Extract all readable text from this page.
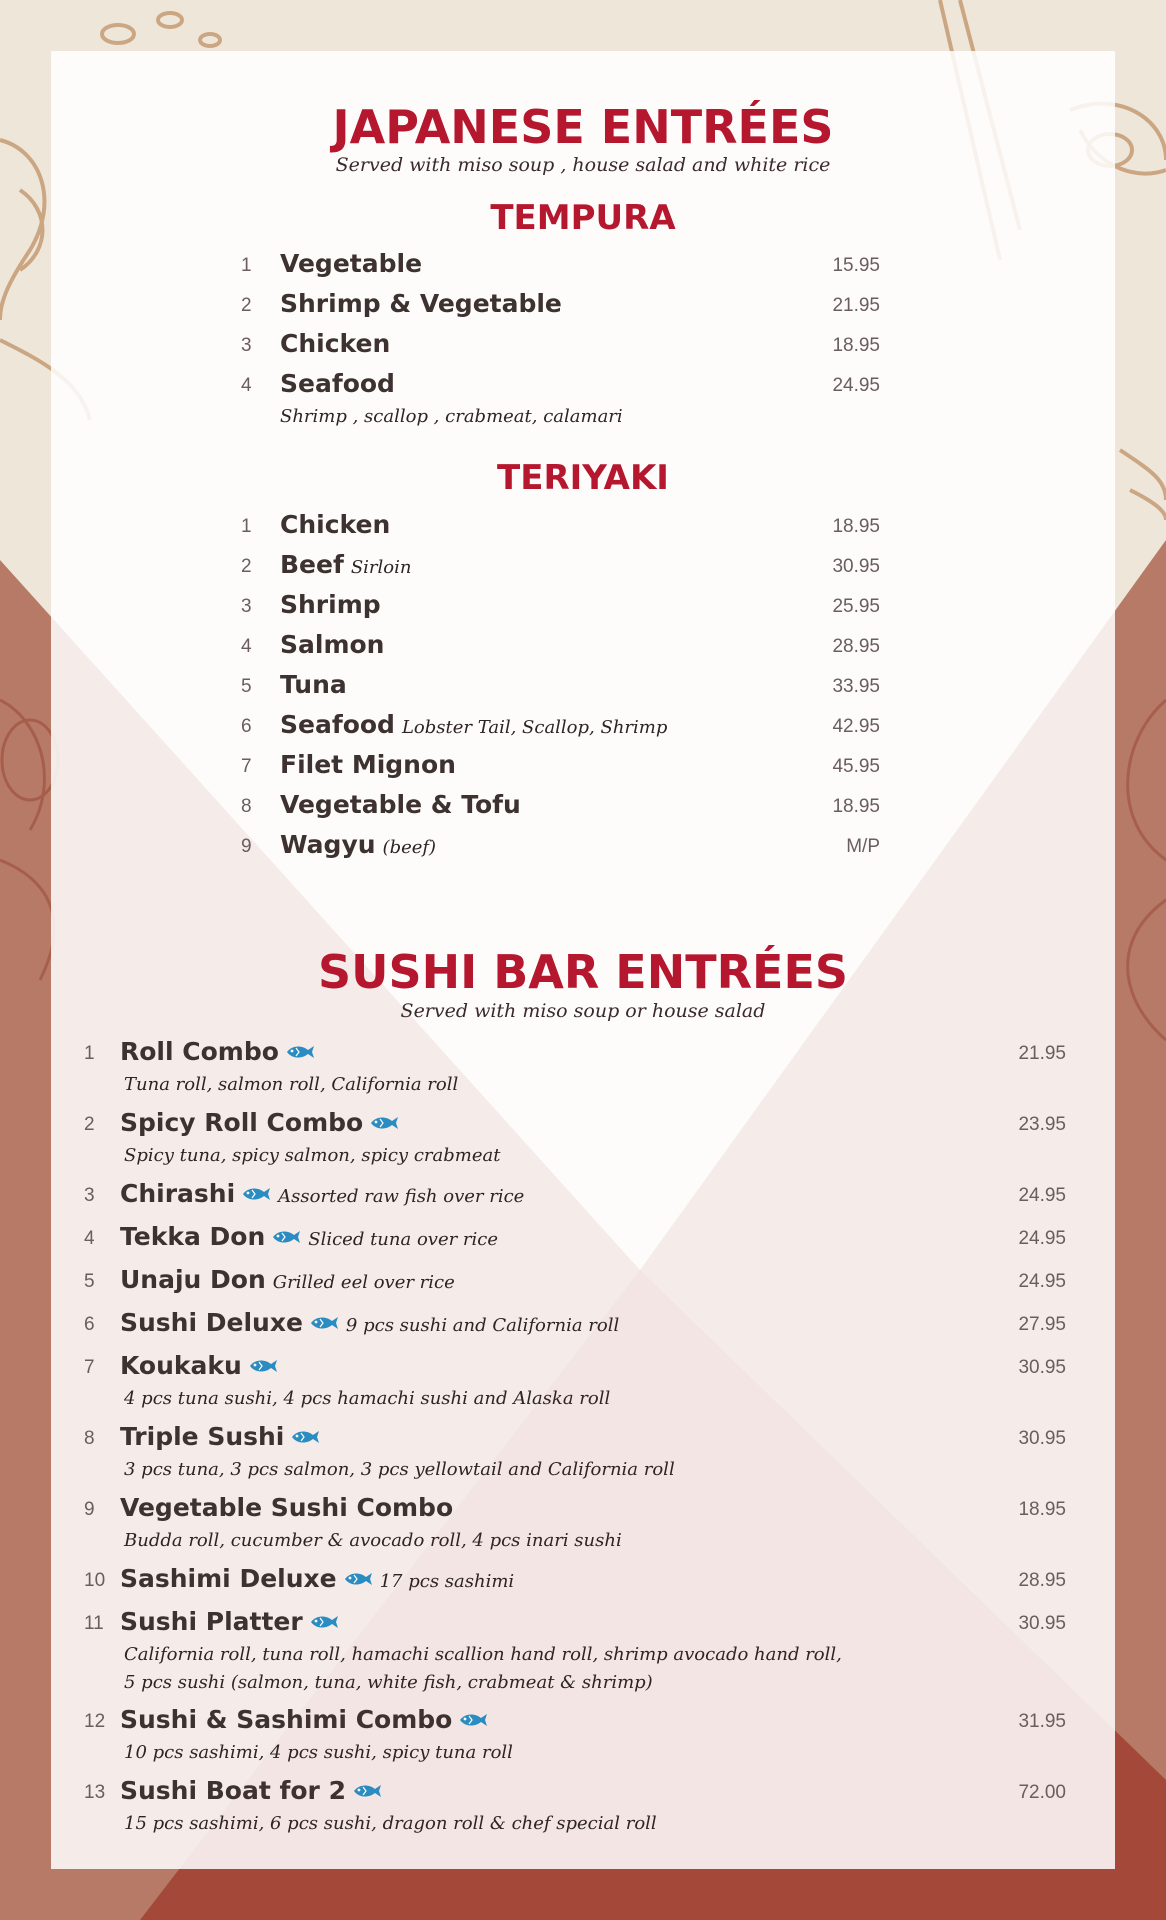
JAPANESE ENTRÉES
Served with miso soup , house salad and white rice
TEMPURA
1 Vegetable	15.95
2 Shrimp & Vegetable	21.95
3 Chicken	18.95
4 Seafood	24.95
Shrimp , scallop , crabmeat, calamari
TERIYAKI
1 Chicken	18.95
2 Beef Sirloin	30.95
3 Shrimp	25.95
4 Salmon	28.95
5 Tuna	33.95
6 Seafood Lobster Tail, Scallop, Shrimp	42.95
7 Filet Mignon	45.95
8 Vegetable & Tofu	18.95
9 Wagyu (beef)	M/P
SUSHI BAR ENTRÉES
Served with miso soup or house salad
1 Roll Combo	21.95
Tuna roll, salmon roll, California roll
2 Spicy Roll Combo	23.95
Spicy tuna, spicy salmon, spicy crabmeat
3 Chirashi Assorted raw fish over rice	24.95
4 Tekka Don Sliced tuna over rice	24.95
5 Unaju Don Grilled eel over rice	24.95
6 Sushi Deluxe 9 pcs sushi and California roll	27.95
7 Koukaku	30.95
4 pcs tuna sushi, 4 pcs hamachi sushi and Alaska roll
8 Triple Sushi	30.95
3 pcs tuna, 3 pcs salmon, 3 pcs yellowtail and California roll
9 Vegetable Sushi Combo	18.95
Budda roll, cucumber & avocado roll, 4 pcs inari sushi
10 Sashimi Deluxe 17 pcs sashimi	28.95
11 Sushi Platter	30.95
California roll, tuna roll, hamachi scallion hand roll, shrimp avocado hand roll,
5 pcs sushi (salmon, tuna, white fish, crabmeat & shrimp)
12 Sushi & Sashimi Combo	31.95
10 pcs sashimi, 4 pcs sushi, spicy tuna roll
13 Sushi Boat for 2	72.00
15 pcs sashimi, 6 pcs sushi, dragon roll & chef special roll
